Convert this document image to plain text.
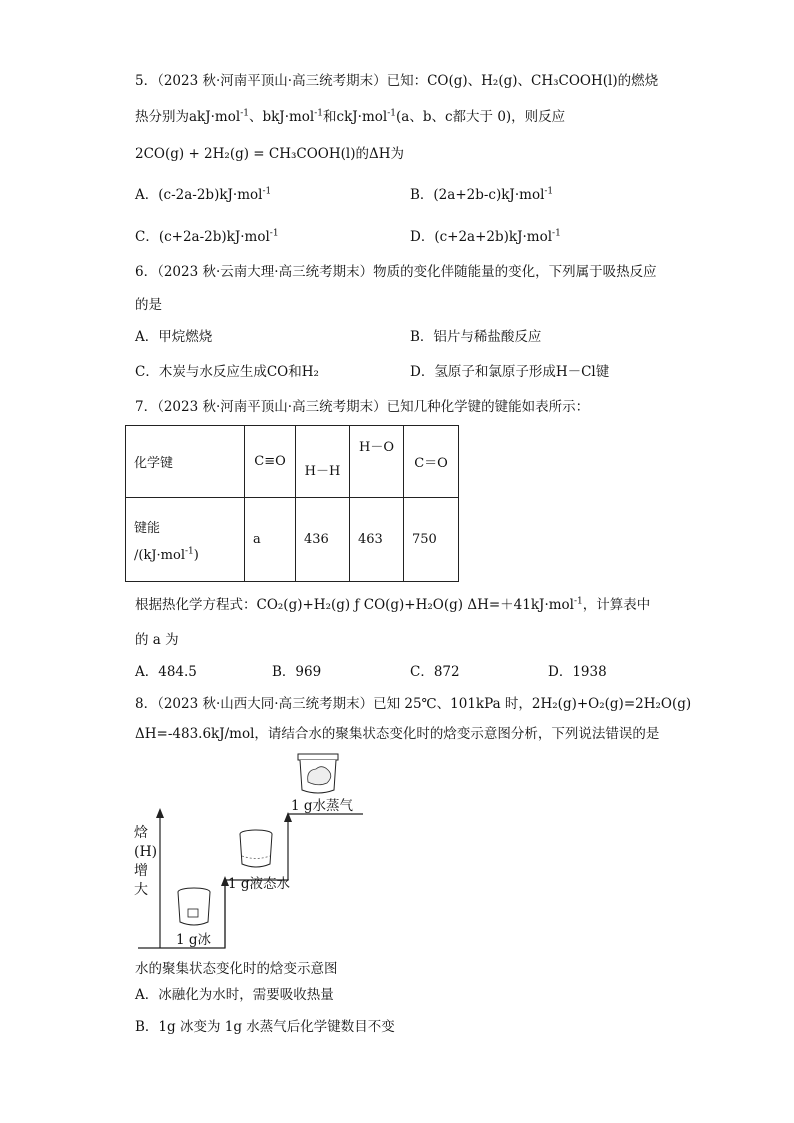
5．（2023 秋·河南平顶山·高三统考期末）已知：CO(g)、H₂(g)、CH₃COOH(l)的燃烧
热分别为akJ·mol$^{-1}$、bkJ·mol$^{-1}$和ckJ·mol$^{-1}$(a、b、c都大于 0)，则反应
2CO(g) + 2H₂(g) = CH₃COOH(l)的ΔH为
A．(c-2a-2b)kJ·mol$^{-1}$	B．(2a+2b-c)kJ·mol$^{-1}$
C．(c+2a-2b)kJ·mol$^{-1}$	D．(c+2a+2b)kJ·mol$^{-1}$
6．（2023 秋·云南大理·高三统考期末）物质的变化伴随能量的变化，下列属于吸热反应
的是
A．甲烷燃烧	B．铝片与稀盐酸反应
C．木炭与水反应生成CO和H₂	D．氢原子和氯原子形成H－Cl键
7．（2023 秋·河南平顶山·高三统考期末）已知几种化学键的键能如表所示：
化学键	C≡O	H－H	H－O	C＝O

键能
/(kJ·mol$^{-1}$)	a	436	463	750
根据热化学方程式：CO₂(g)+H₂(g) ƒ CO(g)+H₂O(g) ΔH=＋41kJ·mol$^{-1}$，计算表中
的 a 为
A．484.5	B．969	C．872	D．1938
8．（2023 秋·山西大同·高三统考期末）已知 25℃、101kPa 时，2H₂(g)+O₂(g)=2H₂O(g)
ΔH=-483.6kJ/mol，请结合水的聚集状态变化时的焓变示意图分析，下列说法错误的是
焓
(H)
增
大
1 g冰
1 g液态水
1 g水蒸气
水的聚集状态变化时的焓变示意图
A．冰融化为水时，需要吸收热量
B．1g 冰变为 1g 水蒸气后化学键数目不变
